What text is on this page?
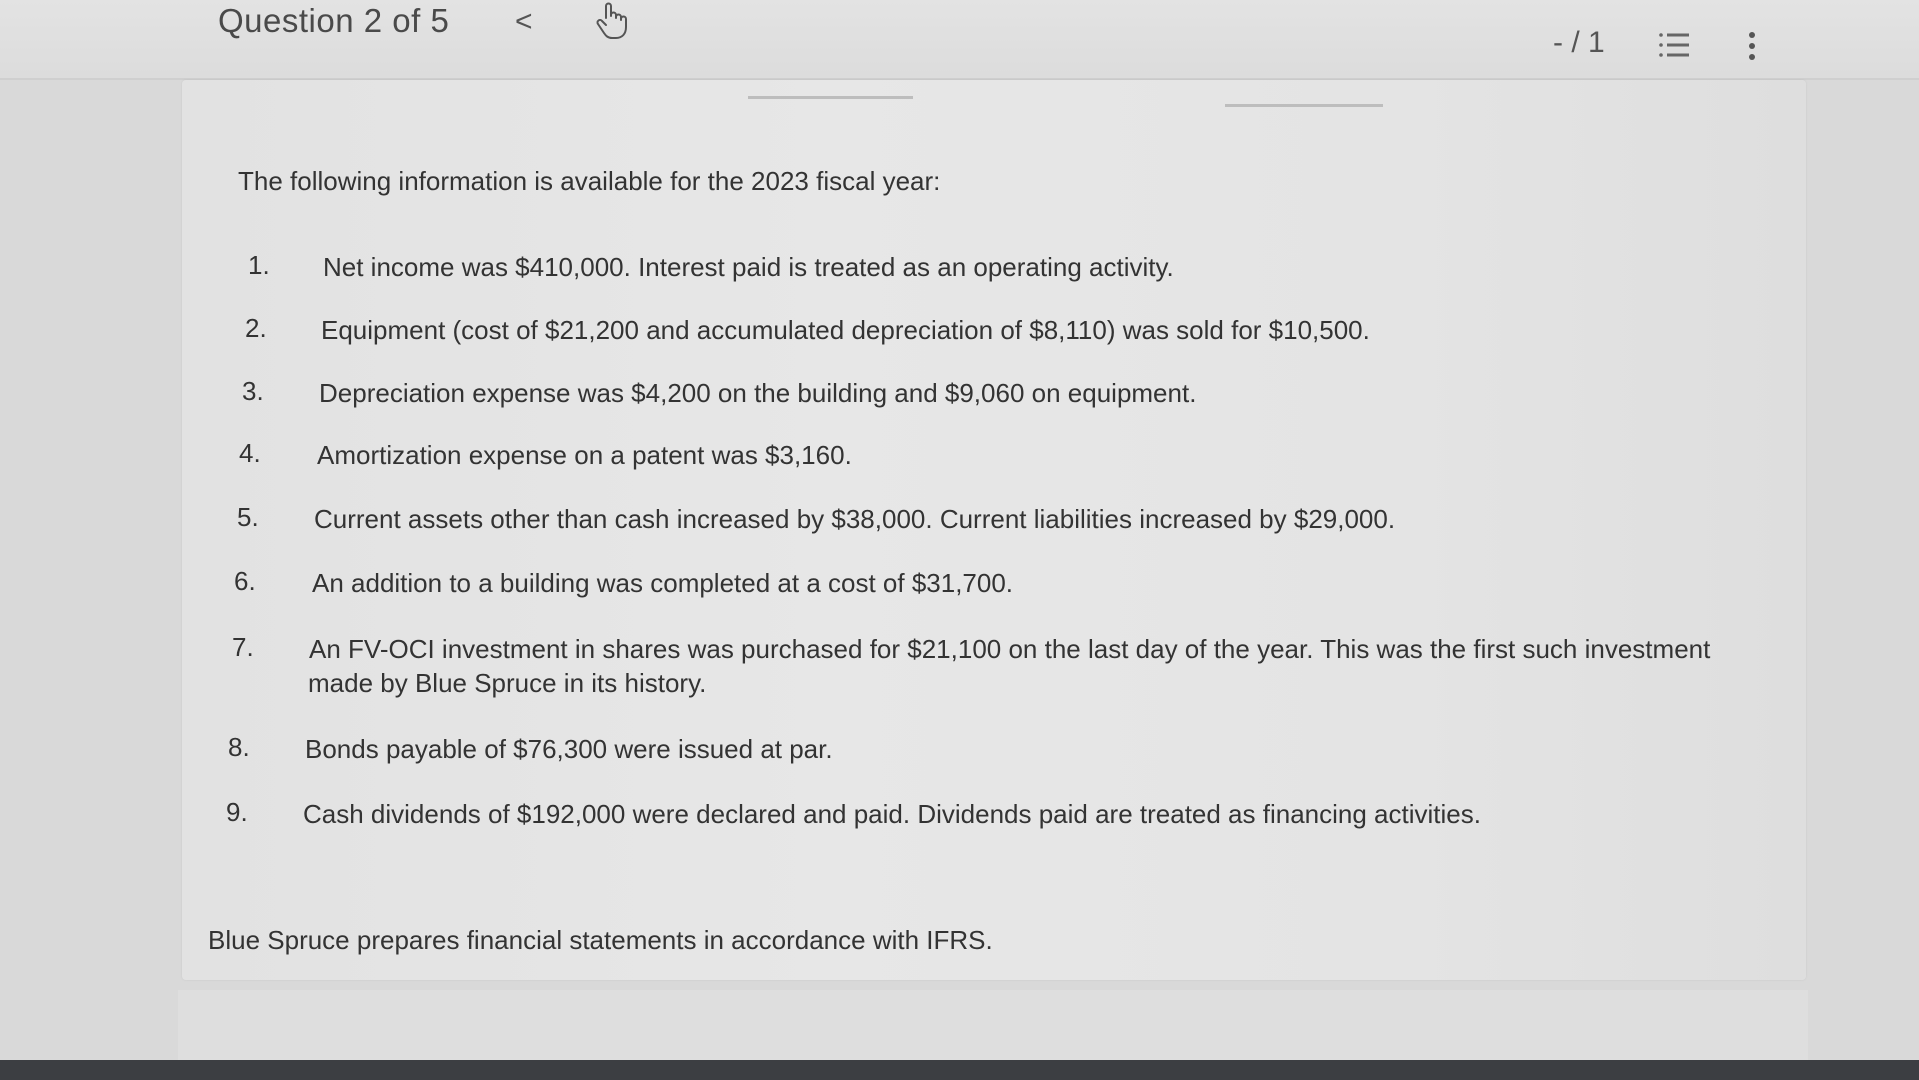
Question 2 of 5 <
- / 1
The following information is available for the 2023 fiscal year:
1. Net income was $410,000. Interest paid is treated as an operating activity.
2. Equipment (cost of $21,200 and accumulated depreciation of $8,110) was sold for $10,500.
3. Depreciation expense was $4,200 on the building and $9,060 on equipment.
4. Amortization expense on a patent was $3,160.
5. Current assets other than cash increased by $38,000. Current liabilities increased by $29,000.
6. An addition to a building was completed at a cost of $31,700.
7. An FV-OCI investment in shares was purchased for $21,100 on the last day of the year. This was the first such investment
made by Blue Spruce in its history.
8. Bonds payable of $76,300 were issued at par.
9. Cash dividends of $192,000 were declared and paid. Dividends paid are treated as financing activities.
Blue Spruce prepares financial statements in accordance with IFRS.
